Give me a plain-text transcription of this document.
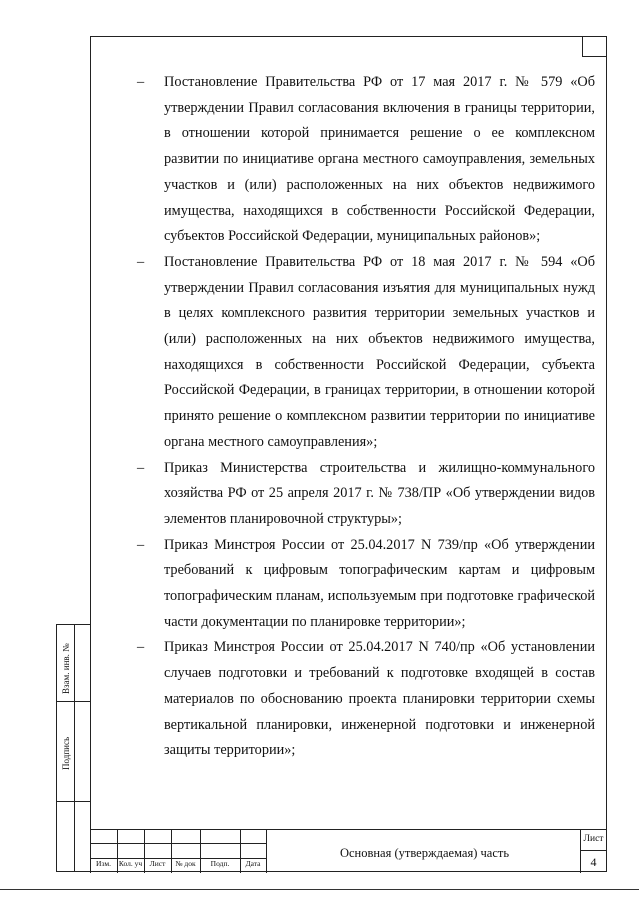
Взам. инв. №
Подпись
– Постановление Правительства РФ от 17 мая 2017 г. № 579 «Об утверждении Правил согласования включения в границы территории, в отношении которой принимается решение о ее комплексном развитии по инициативе органа местного самоуправления, земельных участков и (или) расположенных на них объектов недвижимого имущества, находящихся в собственности Российской Федерации, субъектов Российской Федерации, муниципальных районов»;
– Постановление Правительства РФ от 18 мая 2017 г. № 594 «Об утверждении Правил согласования изъятия для муниципальных нужд в целях комплексного развития территории земельных участков и (или) расположенных на них объектов недвижимого имущества, находящихся в собственности Российской Федерации, субъекта Российской Федерации, в границах территории, в отношении которой принято решение о комплексном развитии территории по инициативе органа местного самоуправления»;
– Приказ Министерства строительства и жилищно-коммунального хозяйства РФ от 25 апреля 2017 г. № 738/ПР «Об утверждении видов элементов планировочной структуры»;
– Приказ Минстроя России от 25.04.2017 N 739/пр «Об утверждении требований к цифровым топографическим картам и цифровым топографическим планам, используемым при подготовке графической части документации по планировке территории»;
– Приказ Минстроя России от 25.04.2017 N 740/пр «Об установлении случаев подготовки и требований к подготовке входящей в состав материалов по обоснованию проекта планировки территории схемы вертикальной планировки, инженерной подготовки и инженерной защиты территории»;
Изм.	Кол. уч	Лист	№ док	Подп.	Дата
Основная (утверждаемая) часть
Лист
4
